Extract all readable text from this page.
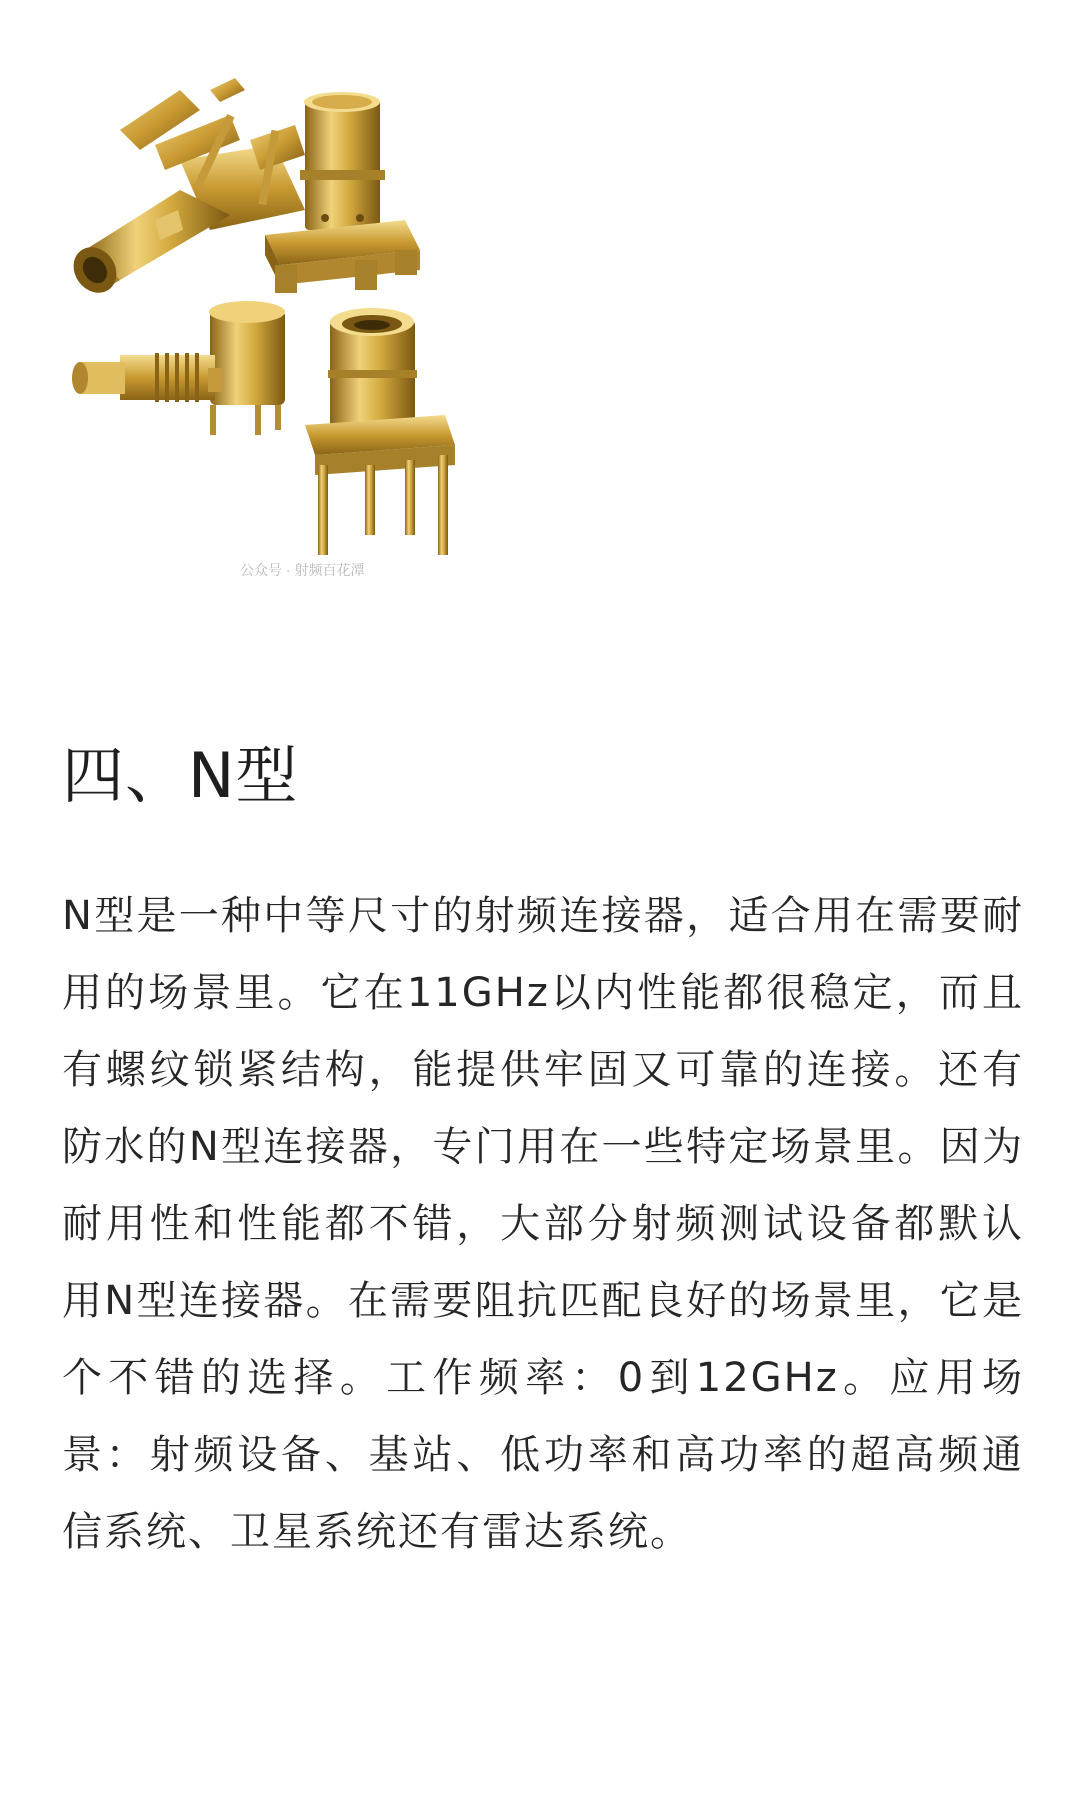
公众号 · 射频百花潭
四、N型

N型是一种中等尺寸的射频连接器，适合用在需要耐用的场景里。它在11GHz以内性能都很稳定，而且有螺纹锁紧结构，能提供牢固又可靠的连接。还有防水的N型连接器，专门用在一些特定场景里。因为耐用性和性能都不错，大部分射频测试设备都默认用N型连接器。在需要阻抗匹配良好的场景里，它是个不错的选择。工作频率：0到12GHz。应用场景：射频设备、基站、低功率和高功率的超高频通信系统、卫星系统还有雷达系统。
